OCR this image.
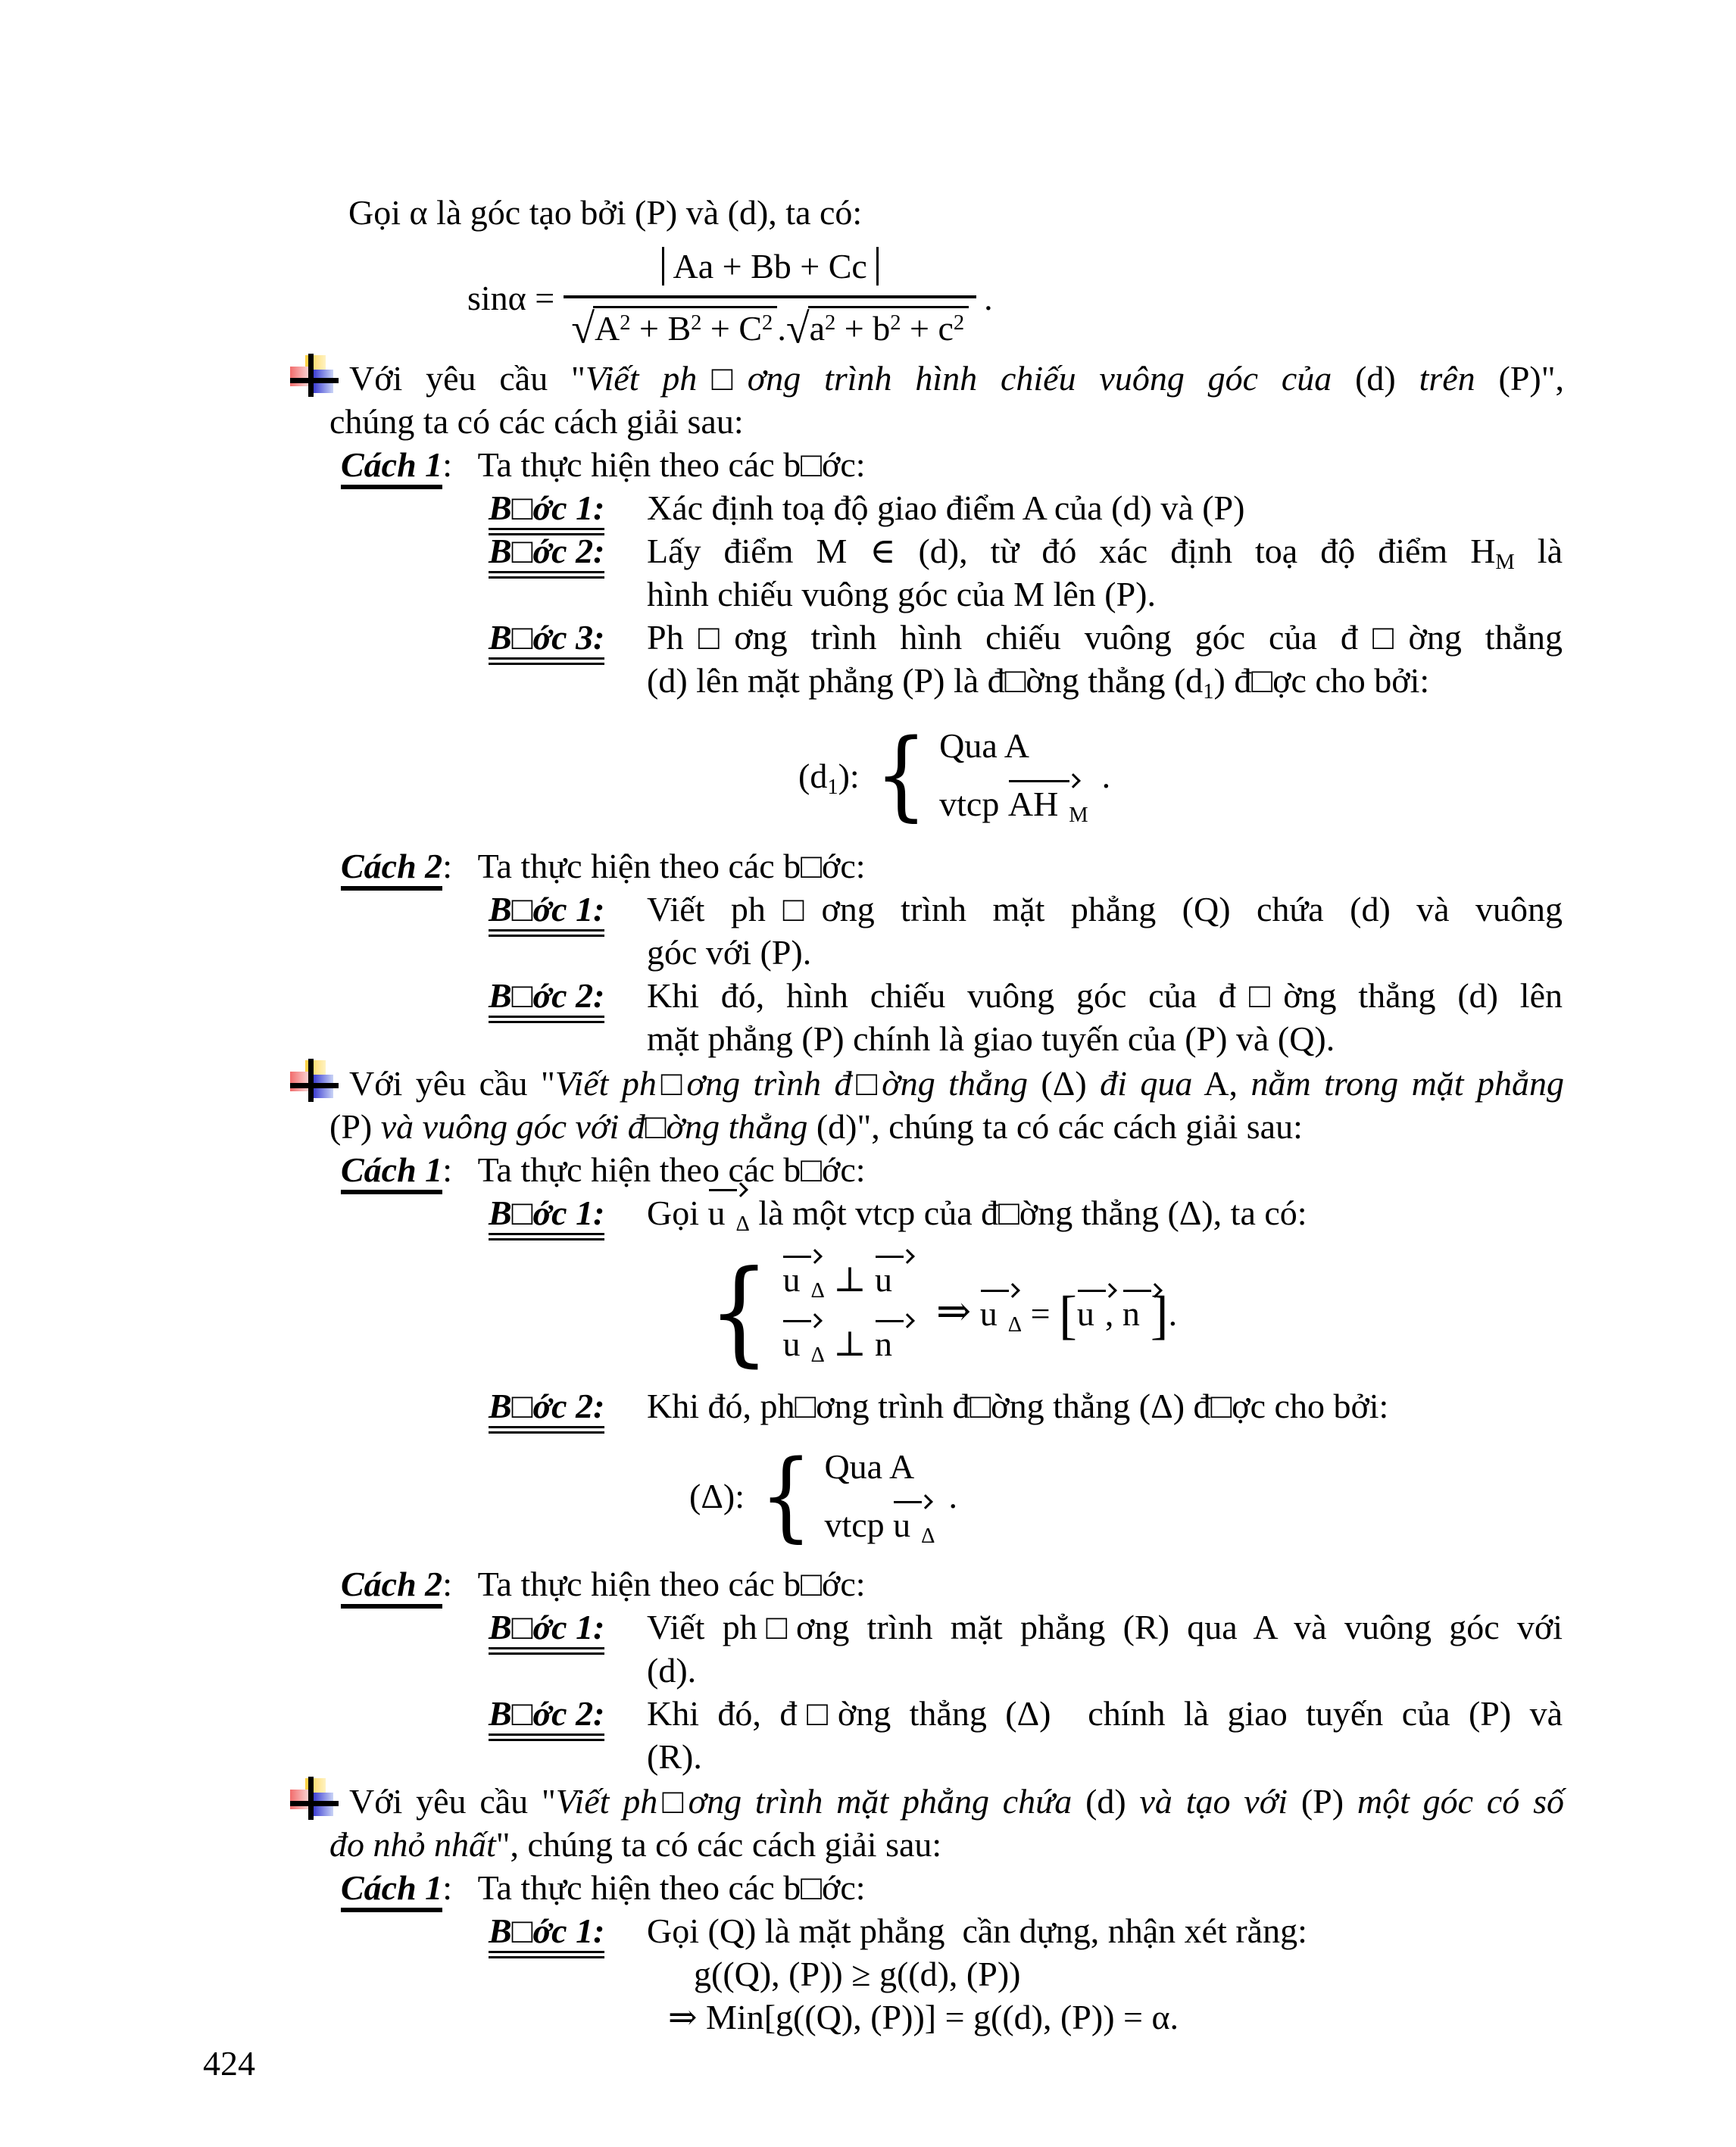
Gọi α là góc tạo bởi (P) và (d), ta có:
$\sin\alpha = \frac{Aa + Bb + Cc}{√A^2 + B^2 + C^2 .√a^2 + b^2 + c^2}$ .
Với yêu cầu "Viết ph□ơng trình hình chiếu vuông góc của (d) trên (P)",
chúng ta có các cách giải sau:
Cách 1:   Ta thực hiện theo các b□ớc:
B□ớc 1:	Xác định toạ độ giao điểm A của (d) và (P)
B□ớc 2:	Lấy điểm M ∈ (d), từ đó xác định toạ độ điểm $H_M$ là
hình chiếu vuông góc của M lên (P).
B□ớc 3:	Ph□ơng trình hình chiếu vuông góc của đ□ờng thẳng
(d) lên mặt phẳng (P) là đ□ờng thẳng $(d_1)$ đ□ợc cho bởi:
$(d_1)$: { Qua A
vtcp AH $_M$
.
Cách 2:   Ta thực hiện theo các b□ớc:
B□ớc 1:	Viết ph□ơng trình mặt phẳng (Q) chứa (d) và vuông
góc với (P).
B□ớc 2:	Khi đó, hình chiếu vuông góc của đ□ờng thẳng (d) lên
mặt phẳng (P) chính là giao tuyến của (P) và (Q).
Với yêu cầu "Viết ph□ơng trình đ□ờng thẳng (Δ) đi qua A, nằm trong mặt phẳng
(P) và vuông góc với đ□ờng thẳng (d)", chúng ta có các cách giải sau:
Cách 1:   Ta thực hiện theo các b□ớc:
B□ớc 1:	Gọi u $_\Delta$ là một vtcp của đ□ờng thẳng (Δ), ta có:
{ u $_\Delta$ ⊥ u
u $_\Delta$ ⊥ n
⇒ u $_\Delta$ = [u , n ].
B□ớc 2:	Khi đó, ph□ơng trình đ□ờng thẳng (Δ) đ□ợc cho bởi:
(Δ): { Qua A
vtcp u $_\Delta$
.
Cách 2:   Ta thực hiện theo các b□ớc:
B□ớc 1:	Viết ph□ơng trình mặt phẳng (R) qua A và vuông góc với
(d).
B□ớc 2:	Khi đó, đ□ờng thẳng (Δ)  chính là giao tuyến của (P) và
(R).
Với yêu cầu "Viết ph□ơng trình mặt phẳng chứa (d) và tạo với (P) một góc có số
đo nhỏ nhất", chúng ta có các cách giải sau:
Cách 1:   Ta thực hiện theo các b□ớc:
B□ớc 1:	Gọi (Q) là mặt phẳng  cần dựng, nhận xét rằng:
g((Q), (P)) ≥ g((d), (P))
⇒ Min[g((Q), (P))] = g((d), (P)) = α.
424
